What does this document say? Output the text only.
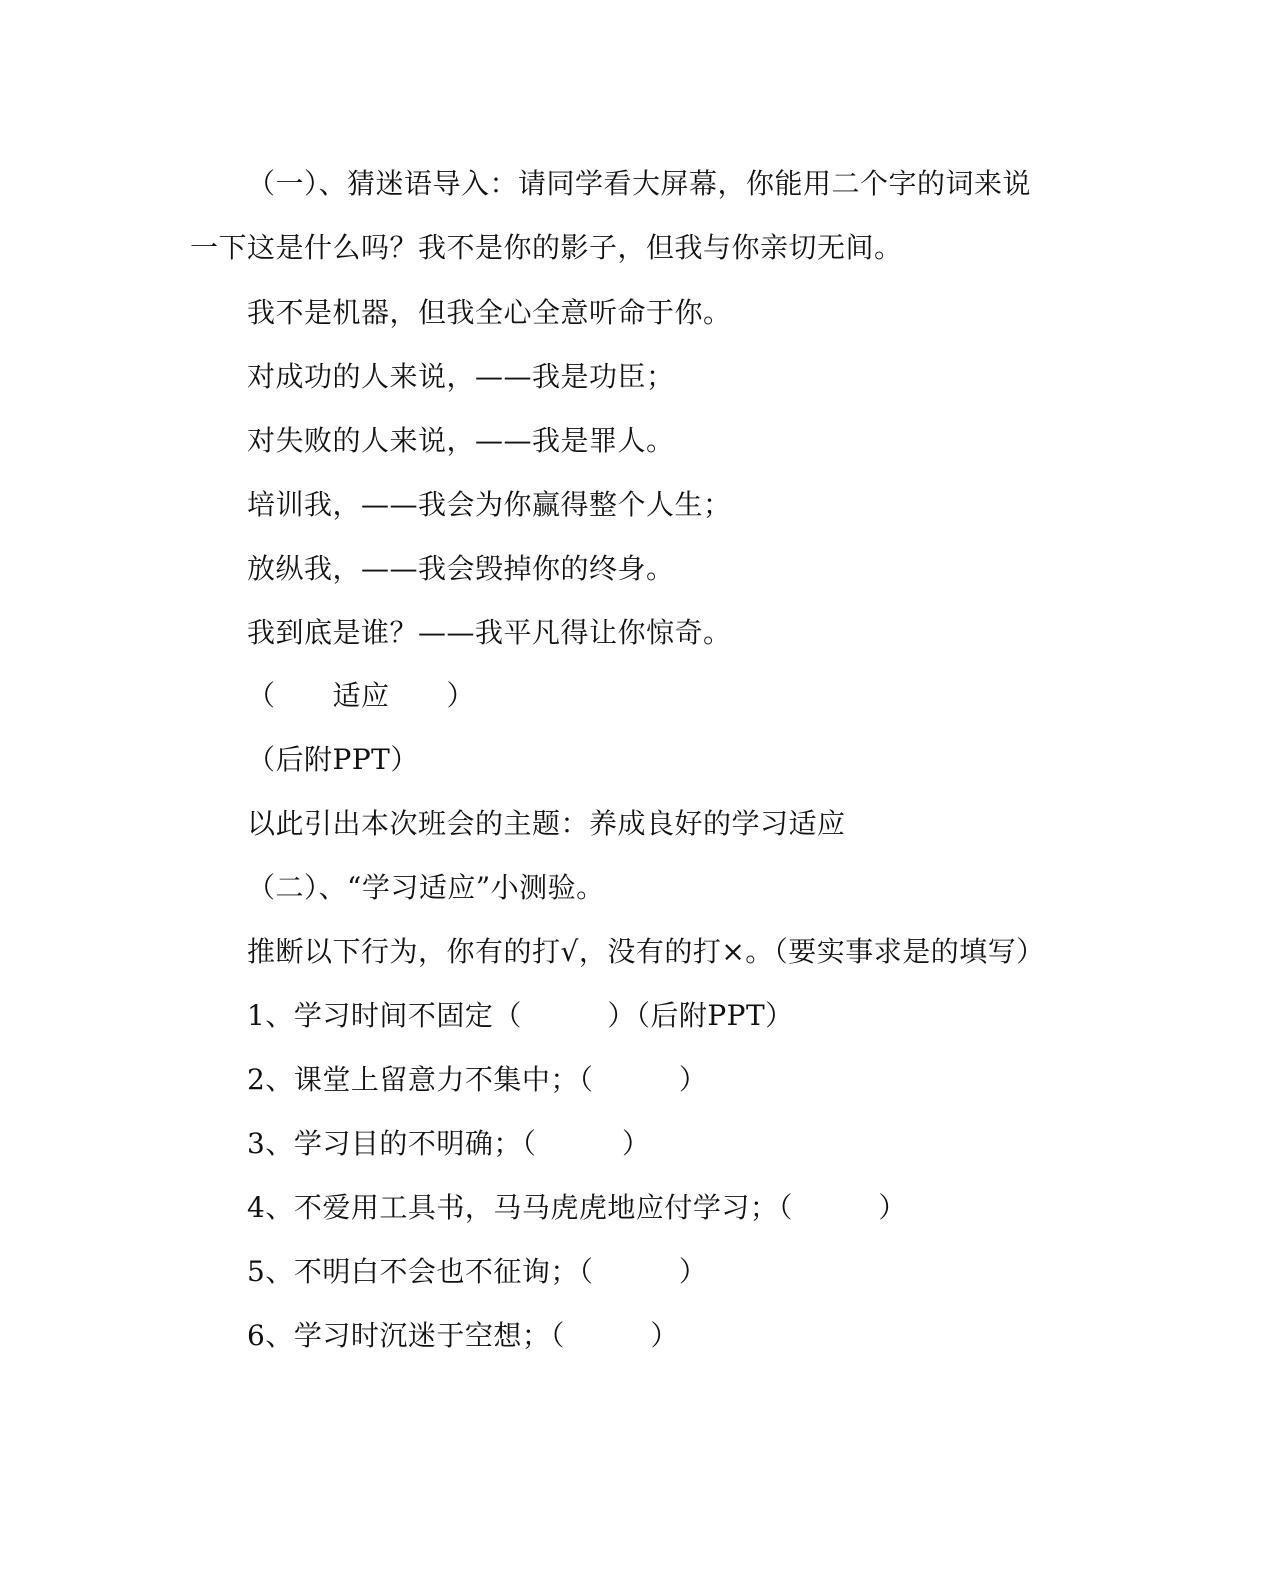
（一）、猜迷语导入：请同学看大屏幕，你能用二个字的词来说
一下这是什么吗？我不是你的影子，但我与你亲切无间。
我不是机器，但我全心全意听命于你。
对成功的人来说，——我是功臣；
对失败的人来说，——我是罪人。
培训我，——我会为你赢得整个人生；
放纵我，——我会毁掉你的终身。
我到底是谁？——我平凡得让你惊奇。
（　　适应　　）
（后附PPT）
以此引出本次班会的主题：养成良好的学习适应
（二）、“学习适应”小测验。
推断以下行为，你有的打√，没有的打×。（要实事求是的填写）
1、学习时间不固定（　　　）（后附PPT）
2、课堂上留意力不集中；（　　　）
3、学习目的不明确；（　　　）
4、不爱用工具书，马马虎虎地应付学习；（　　　）
5、不明白不会也不征询；（　　　）
6、学习时沉迷于空想；（　　　）
